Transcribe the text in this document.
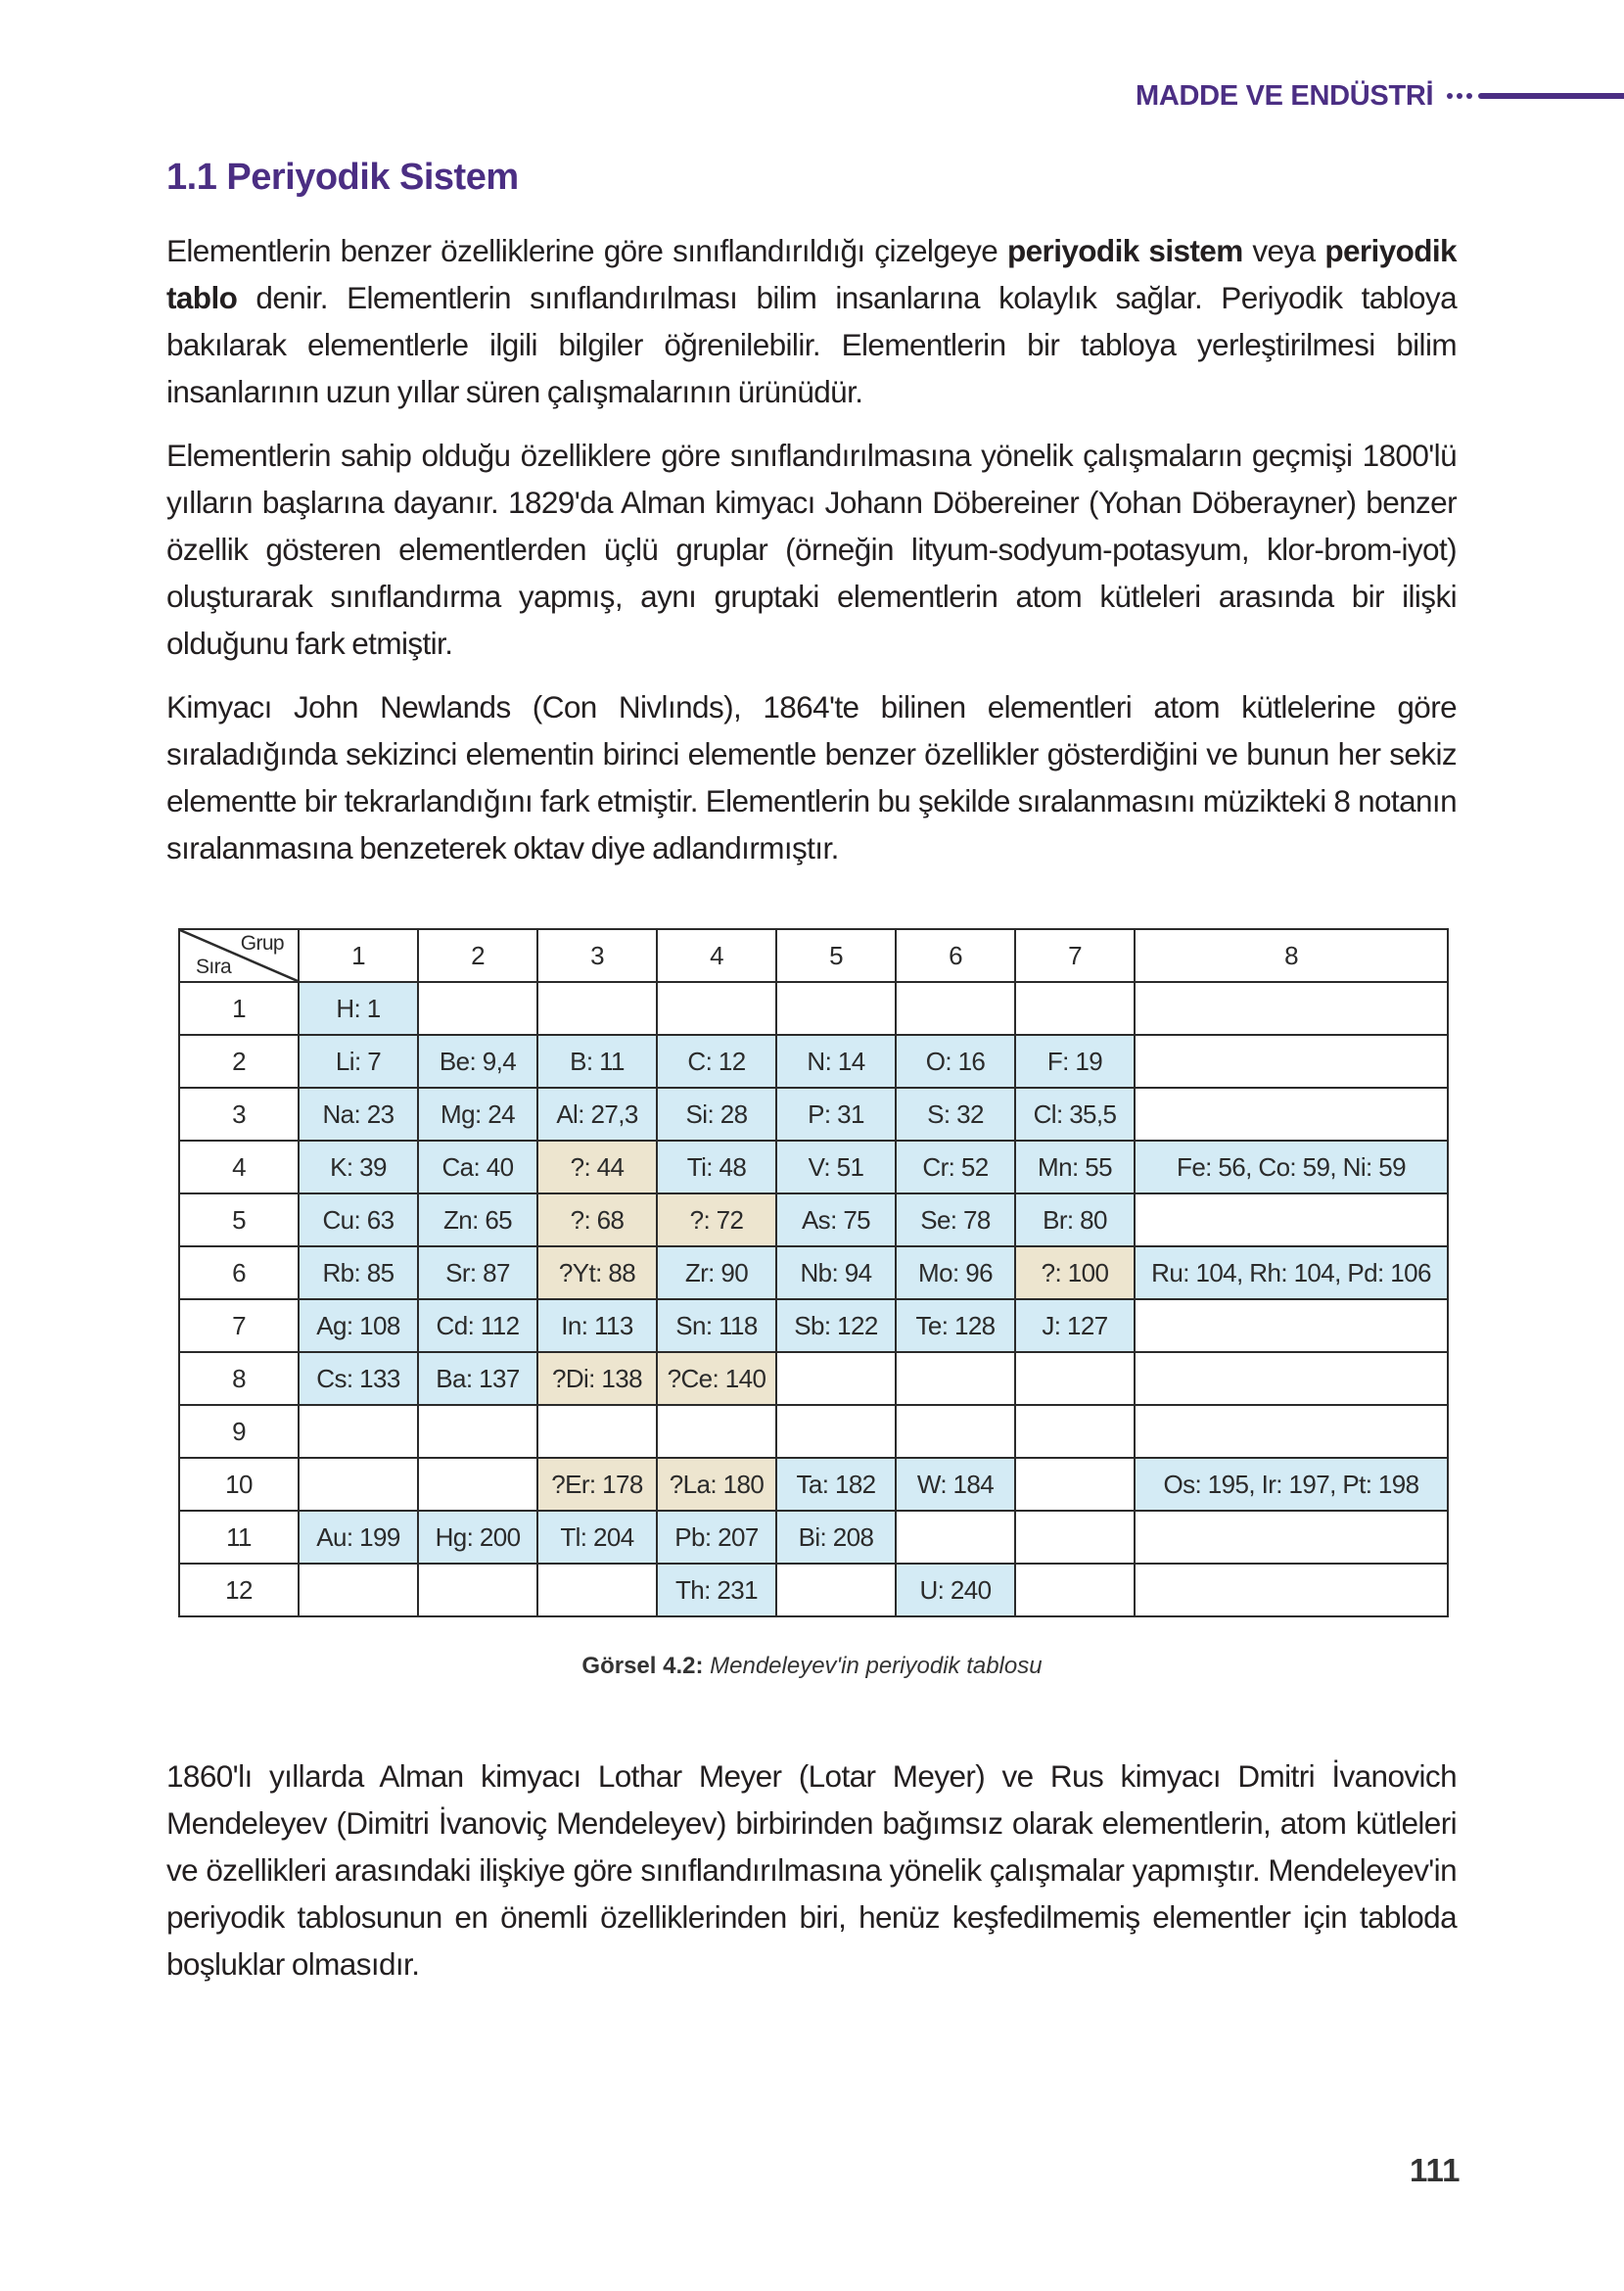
MADDE VE ENDÜSTRİ
1.1 Periyodik Sistem
Elementlerin benzer özelliklerine göre sınıflandırıldığı çizelgeye periyodik sistem veya periyodik tablo denir. Elementlerin sınıflandırılması bilim insanlarına kolaylık sağlar. Periyodik tabloya bakılarak elementlerle ilgili bilgiler öğrenilebilir. Elementlerin bir tabloya yerleştirilmesi bilim insanlarının uzun yıllar süren çalışmalarının ürünüdür.
Elementlerin sahip olduğu özelliklere göre sınıflandırılmasına yönelik çalışmaların geçmişi 1800'lü yılların başlarına dayanır. 1829'da Alman kimyacı Johann Döbereiner (Yohan Döberayner) benzer özellik gösteren elementlerden üçlü gruplar (örneğin lityum-sodyum-potasyum, klor-brom-iyot) oluşturarak sınıflandırma yapmış, aynı gruptaki elementlerin atom kütleleri arasında bir ilişki olduğunu fark etmiştir.
Kimyacı John Newlands (Con Nivlınds), 1864'te bilinen elementleri atom kütlelerine göre sıraladığında sekizinci elementin birinci elementle benzer özellikler gösterdiğini ve bunun her sekiz elementte bir tekrarlandığını fark etmiştir. Elementlerin bu şekilde sıralanmasını müzikteki 8 notanın sıralanmasına benzeterek oktav diye adlandırmıştır.
Grup
Sıra	1	2	3	4	5	6	7	8
1	H: 1							
2	Li: 7	Be: 9,4	B: 11	C: 12	N: 14	O: 16	F: 19	
3	Na: 23	Mg: 24	Al: 27,3	Si: 28	P: 31	S: 32	Cl: 35,5	
4	K: 39	Ca: 40	?: 44	Ti: 48	V: 51	Cr: 52	Mn: 55	Fe: 56, Co: 59, Ni: 59
5	Cu: 63	Zn: 65	?: 68	?: 72	As: 75	Se: 78	Br: 80	
6	Rb: 85	Sr: 87	?Yt: 88	Zr: 90	Nb: 94	Mo: 96	?: 100	Ru: 104, Rh: 104, Pd: 106
7	Ag: 108	Cd: 112	In: 113	Sn: 118	Sb: 122	Te: 128	J: 127	
8	Cs: 133	Ba: 137	?Di: 138	?Ce: 140				
9								
10			?Er: 178	?La: 180	Ta: 182	W: 184		Os: 195, Ir: 197, Pt: 198
11	Au: 199	Hg: 200	Tl: 204	Pb: 207	Bi: 208			
12				Th: 231		U: 240		
Görsel 4.2: Mendeleyev'in periyodik tablosu
1860'lı yıllarda Alman kimyacı Lothar Meyer (Lotar Meyer) ve Rus kimyacı Dmitri İvanovich Mendeleyev (Dimitri İvanoviç Mendeleyev) birbirinden bağımsız olarak elementlerin, atom kütleleri ve özellikleri arasındaki ilişkiye göre sınıflandırılmasına yönelik çalışmalar yapmıştır. Mendeleyev'in periyodik tablosunun en önemli özelliklerinden biri, henüz keşfedilmemiş elementler için tabloda boşluklar olmasıdır.
111
